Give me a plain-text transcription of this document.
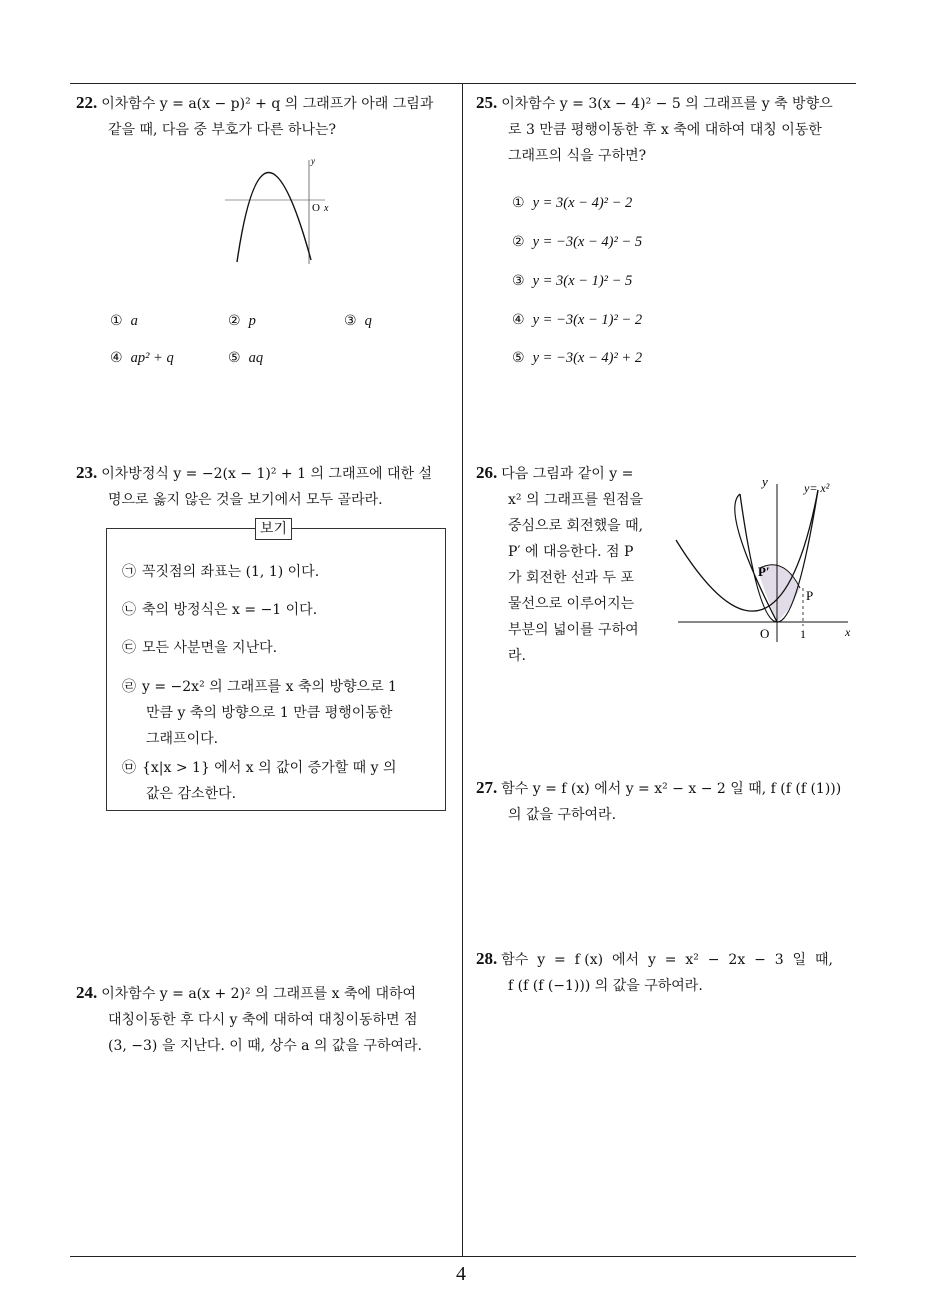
22. 이차함수 y = a(x − p)² + q 의 그래프가 아래 그림과
같을 때, 다음 중 부호가 다른 하나는?
y
O x
① a	② p	③ q
④ ap² + q	⑤ aq
23. 이차방정식 y = −2(x − 1)² + 1 의 그래프에 대한 설
명으로 옳지 않은 것을 보기에서 모두 골라라.
보기
㉠ 꼭짓점의 좌표는 (1, 1) 이다.
㉡ 축의 방정식은 x = −1 이다.
㉢ 모든 사분면을 지난다.
㉣ y = −2x² 의 그래프를 x 축의 방향으로 1
만큼 y 축의 방향으로 1 만큼 평행이동한
그래프이다.
㉤ {x|x > 1} 에서 x 의 값이 증가할 때 y 의
값은 감소한다.
24. 이차함수 y = a(x + 2)² 의 그래프를 x 축에 대하여
대칭이동한 후 다시 y 축에 대하여 대칭이동하면 점
(3, −3) 을 지난다. 이 때, 상수 a 의 값을 구하여라.
25. 이차함수 y = 3(x − 4)² − 5 의 그래프를 y 축 방향으
로 3 만큼 평행이동한 후 x 축에 대하여 대칭 이동한
그래프의 식을 구하면?
① y = 3(x − 4)² − 2
② y = −3(x − 4)² − 5
③ y = 3(x − 1)² − 5
④ y = −3(x − 1)² − 2
⑤ y = −3(x − 4)² + 2
26. 다음 그림과 같이 y =
x² 의 그래프를 원점을
중심으로 회전했을 때,
P′ 에 대응한다. 점 P
가 회전한 선과 두 포
물선으로 이루어지는
부분의 넓이를 구하여
라.
y	y= x²
P′
P
O	1	x
27. 함수 y = f (x) 에서 y = x² − x − 2 일 때, f (f (f (1)))
의 값을 구하여라.
28. 함수  y  =  f (x)  에서  y  =  x²  −  2x  −  3  일  때,
f (f (f (−1))) 의 값을 구하여라.
4
